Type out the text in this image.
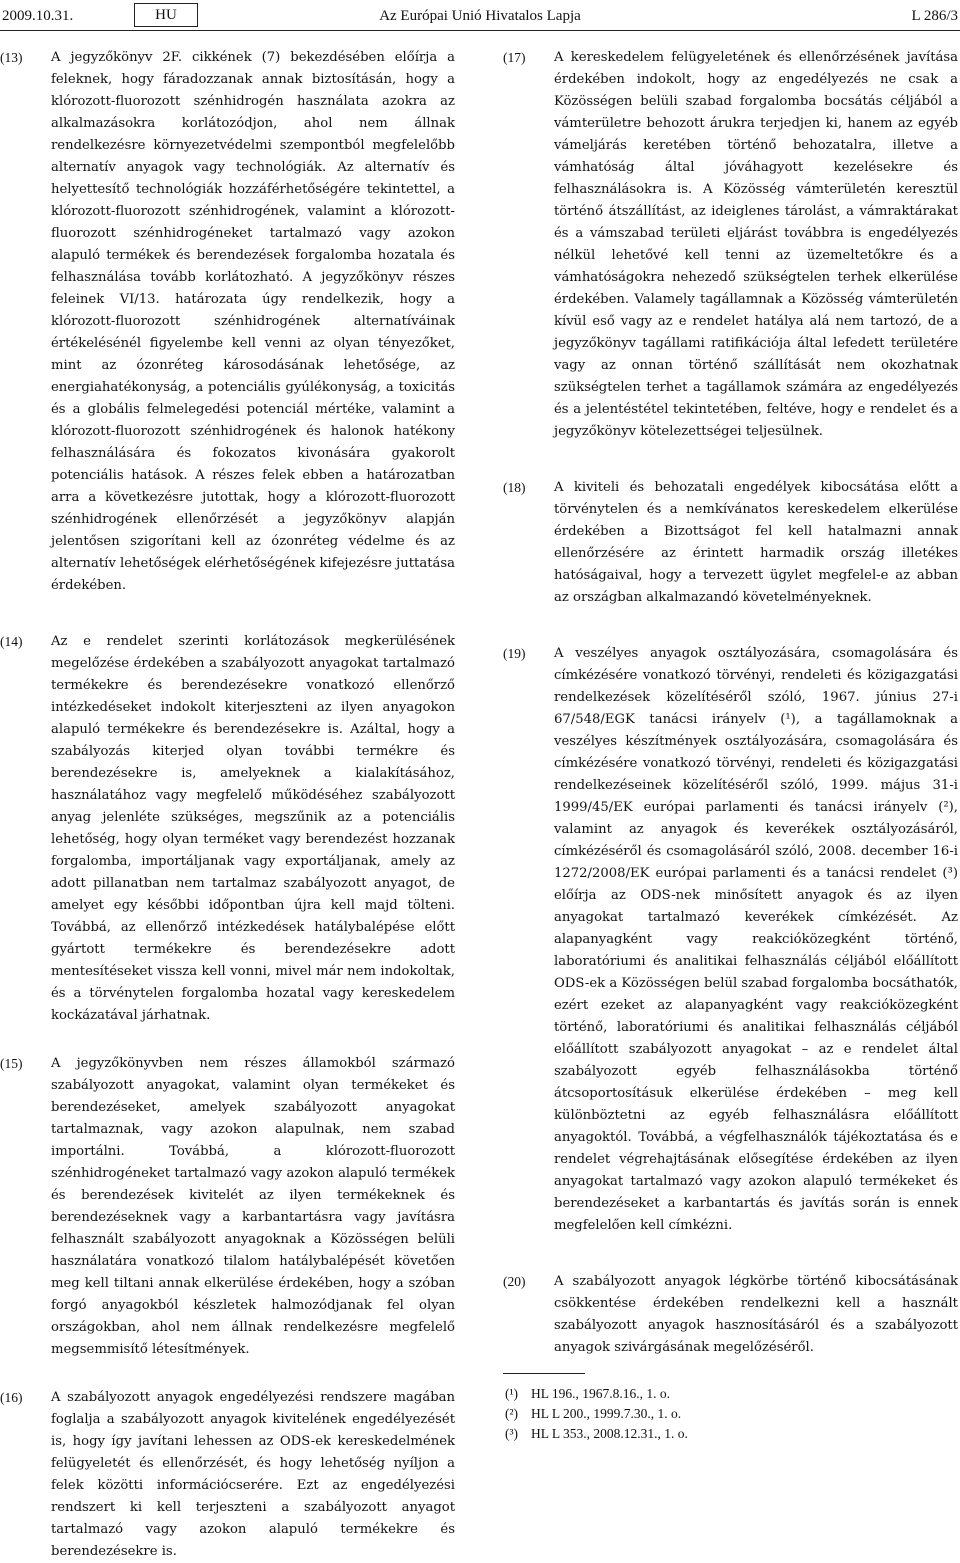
2009.10.31.	HU	Az Európai Unió Hivatalos Lapja	L 286/3
(13)	A jegyzőkönyv 2F. cikkének (7) bekezdésében előírja a feleknek, hogy fáradozzanak annak biztosításán, hogy a klórozott-fluorozott szénhidrogén használata azokra az alkalmazásokra korlátozódjon, ahol nem állnak rendelkezésre környezetvédelmi szempontból megfelelőbb alternatív anyagok vagy technológiák. Az alternatív és helyettesítő technológiák hozzáférhetőségére tekintettel, a klórozott-fluorozott szénhidrogének, valamint a klórozott-fluorozott szénhidrogéneket tartalmazó vagy azokon alapuló termékek és berendezések forgalomba hozatala és felhasználása tovább korlátozható. A jegyzőkönyv részes feleinek VI/13. határozata úgy rendelkezik, hogy a klórozott-fluorozott szénhidrogének alternatíváinak értékelésénél figyelembe kell venni az olyan tényezőket, mint az ózonréteg károsodásának lehetősége, az energiahatékonyság, a potenciális gyúlékonyság, a toxicitás és a globális felmelegedési potenciál mértéke, valamint a klórozott-fluorozott szénhidrogének és halonok hatékony felhasználására és fokozatos kivonására gyakorolt potenciális hatások. A részes felek ebben a határozatban arra a következésre jutottak, hogy a klórozott-fluorozott szénhidrogének ellenőrzését a jegyzőkönyv alapján jelentősen szigorítani kell az ózonréteg védelme és az alternatív lehetőségek elérhetőségének kifejezésre juttatása érdekében.

(14)	Az e rendelet szerinti korlátozások megkerülésének megelőzése érdekében a szabályozott anyagokat tartalmazó termékekre és berendezésekre vonatkozó ellenőrző intézkedéseket indokolt kiterjeszteni az ilyen anyagokon alapuló termékekre és berendezésekre is. Azáltal, hogy a szabályozás kiterjed olyan további termékre és berendezésekre is, amelyeknek a kialakításához, használatához vagy megfelelő működéséhez szabályozott anyag jelenléte szükséges, megszűnik az a potenciális lehetőség, hogy olyan terméket vagy berendezést hozzanak forgalomba, importáljanak vagy exportáljanak, amely az adott pillanatban nem tartalmaz szabályozott anyagot, de amelyet egy későbbi időpontban újra kell majd tölteni. Továbbá, az ellenőrző intézkedések hatálybalépése előtt gyártott termékekre és berendezésekre adott mentesítéseket vissza kell vonni, mivel már nem indokoltak, és a törvénytelen forgalomba hozatal vagy kereskedelem kockázatával járhatnak.

(15)	A jegyzőkönyvben nem részes államokból származó szabályozott anyagokat, valamint olyan termékeket és berendezéseket, amelyek szabályozott anyagokat tartalmaznak, vagy azokon alapulnak, nem szabad importálni. Továbbá, a klórozott-fluorozott szénhidrogéneket tartalmazó vagy azokon alapuló termékek és berendezések kivitelét az ilyen termékeknek és berendezéseknek vagy a karbantartásra vagy javításra felhasznált szabályozott anyagoknak a Közösségen belüli használatára vonatkozó tilalom hatálybalépését követően meg kell tiltani annak elkerülése érdekében, hogy a szóban forgó anyagokból készletek halmozódjanak fel olyan országokban, ahol nem állnak rendelkezésre megfelelő megsemmisítő létesítmények.

(16)	A szabályozott anyagok engedélyezési rendszere magában foglalja a szabályozott anyagok kivitelének engedélyezését is, hogy így javítani lehessen az ODS-ek kereskedelmének felügyeletét és ellenőrzését, és hogy lehetőség nyíljon a felek közötti információcserére. Ezt az engedélyezési rendszert ki kell terjeszteni a szabályozott anyagot tartalmazó vagy azokon alapuló termékekre és berendezésekre is.

(17)	A kereskedelem felügyeletének és ellenőrzésének javítása érdekében indokolt, hogy az engedélyezés ne csak a Közösségen belüli szabad forgalomba bocsátás céljából a vámterületre behozott árukra terjedjen ki, hanem az egyéb vámeljárás keretében történő behozatalra, illetve a vámhatóság által jóváhagyott kezelésekre és felhasználásokra is. A Közösség vámterületén keresztül történő átszállítást, az ideiglenes tárolást, a vámraktárakat és a vámszabad területi eljárást továbbra is engedélyezés nélkül lehetővé kell tenni az üzemeltetőkre és a vámhatóságokra nehezedő szükségtelen terhek elkerülése érdekében. Valamely tagállamnak a Közösség vámterületén kívül eső vagy az e rendelet hatálya alá nem tartozó, de a jegyzőkönyv tagállami ratifikációja által lefedett területére vagy az onnan történő szállítását nem okozhatnak szükségtelen terhet a tagállamok számára az engedélyezés és a jelentéstétel tekintetében, feltéve, hogy e rendelet és a jegyzőkönyv kötelezettségei teljesülnek.

(18)	A kiviteli és behozatali engedélyek kibocsátása előtt a törvénytelen és a nemkívánatos kereskedelem elkerülése érdekében a Bizottságot fel kell hatalmazni annak ellenőrzésére az érintett harmadik ország illetékes hatóságaival, hogy a tervezett ügylet megfelel-e az abban az országban alkalmazandó követelményeknek.

(19)	A veszélyes anyagok osztályozására, csomagolására és címkézésére vonatkozó törvényi, rendeleti és közigazgatási rendelkezések közelítéséről szóló, 1967. június 27-i 67/548/EGK tanácsi irányelv (¹), a tagállamoknak a veszélyes készítmények osztályozására, csomagolására és címkézésére vonatkozó törvényi, rendeleti és közigazgatási rendelkezéseinek közelítéséről szóló, 1999. május 31-i 1999/45/EK európai parlamenti és tanácsi irányelv (²), valamint az anyagok és keverékek osztályozásáról, címkézéséről és csomagolásáról szóló, 2008. december 16-i 1272/2008/EK európai parlamenti és a tanácsi rendelet (³) előírja az ODS-nek minősített anyagok és az ilyen anyagokat tartalmazó keverékek címkézését. Az alapanyagként vagy reakcióközegként történő, laboratóriumi és analitikai felhasználás céljából előállított ODS-ek a Közösségen belül szabad forgalomba bocsáthatók, ezért ezeket az alapanyagként vagy reakcióközegként történő, laboratóriumi és analitikai felhasználás céljából előállított szabályozott anyagokat – az e rendelet által szabályozott egyéb felhasználásokba történő átcsoportosításuk elkerülése érdekében – meg kell különböztetni az egyéb felhasználásra előállított anyagoktól. Továbbá, a végfelhasználók tájékoztatása és e rendelet végrehajtásának elősegítése érdekében az ilyen anyagokat tartalmazó vagy azokon alapuló termékeket és berendezéseket a karbantartás és javítás során is ennek megfelelően kell címkézni.

(20)	A szabályozott anyagok légkörbe történő kibocsátásának csökkentése érdekében rendelkezni kell a használt szabályozott anyagok hasznosításáról és a szabályozott anyagok szivárgásának megelőzéséről.

(¹) HL 196., 1967.8.16., 1. o.
(²) HL L 200., 1999.7.30., 1. o.
(³) HL L 353., 2008.12.31., 1. o.
